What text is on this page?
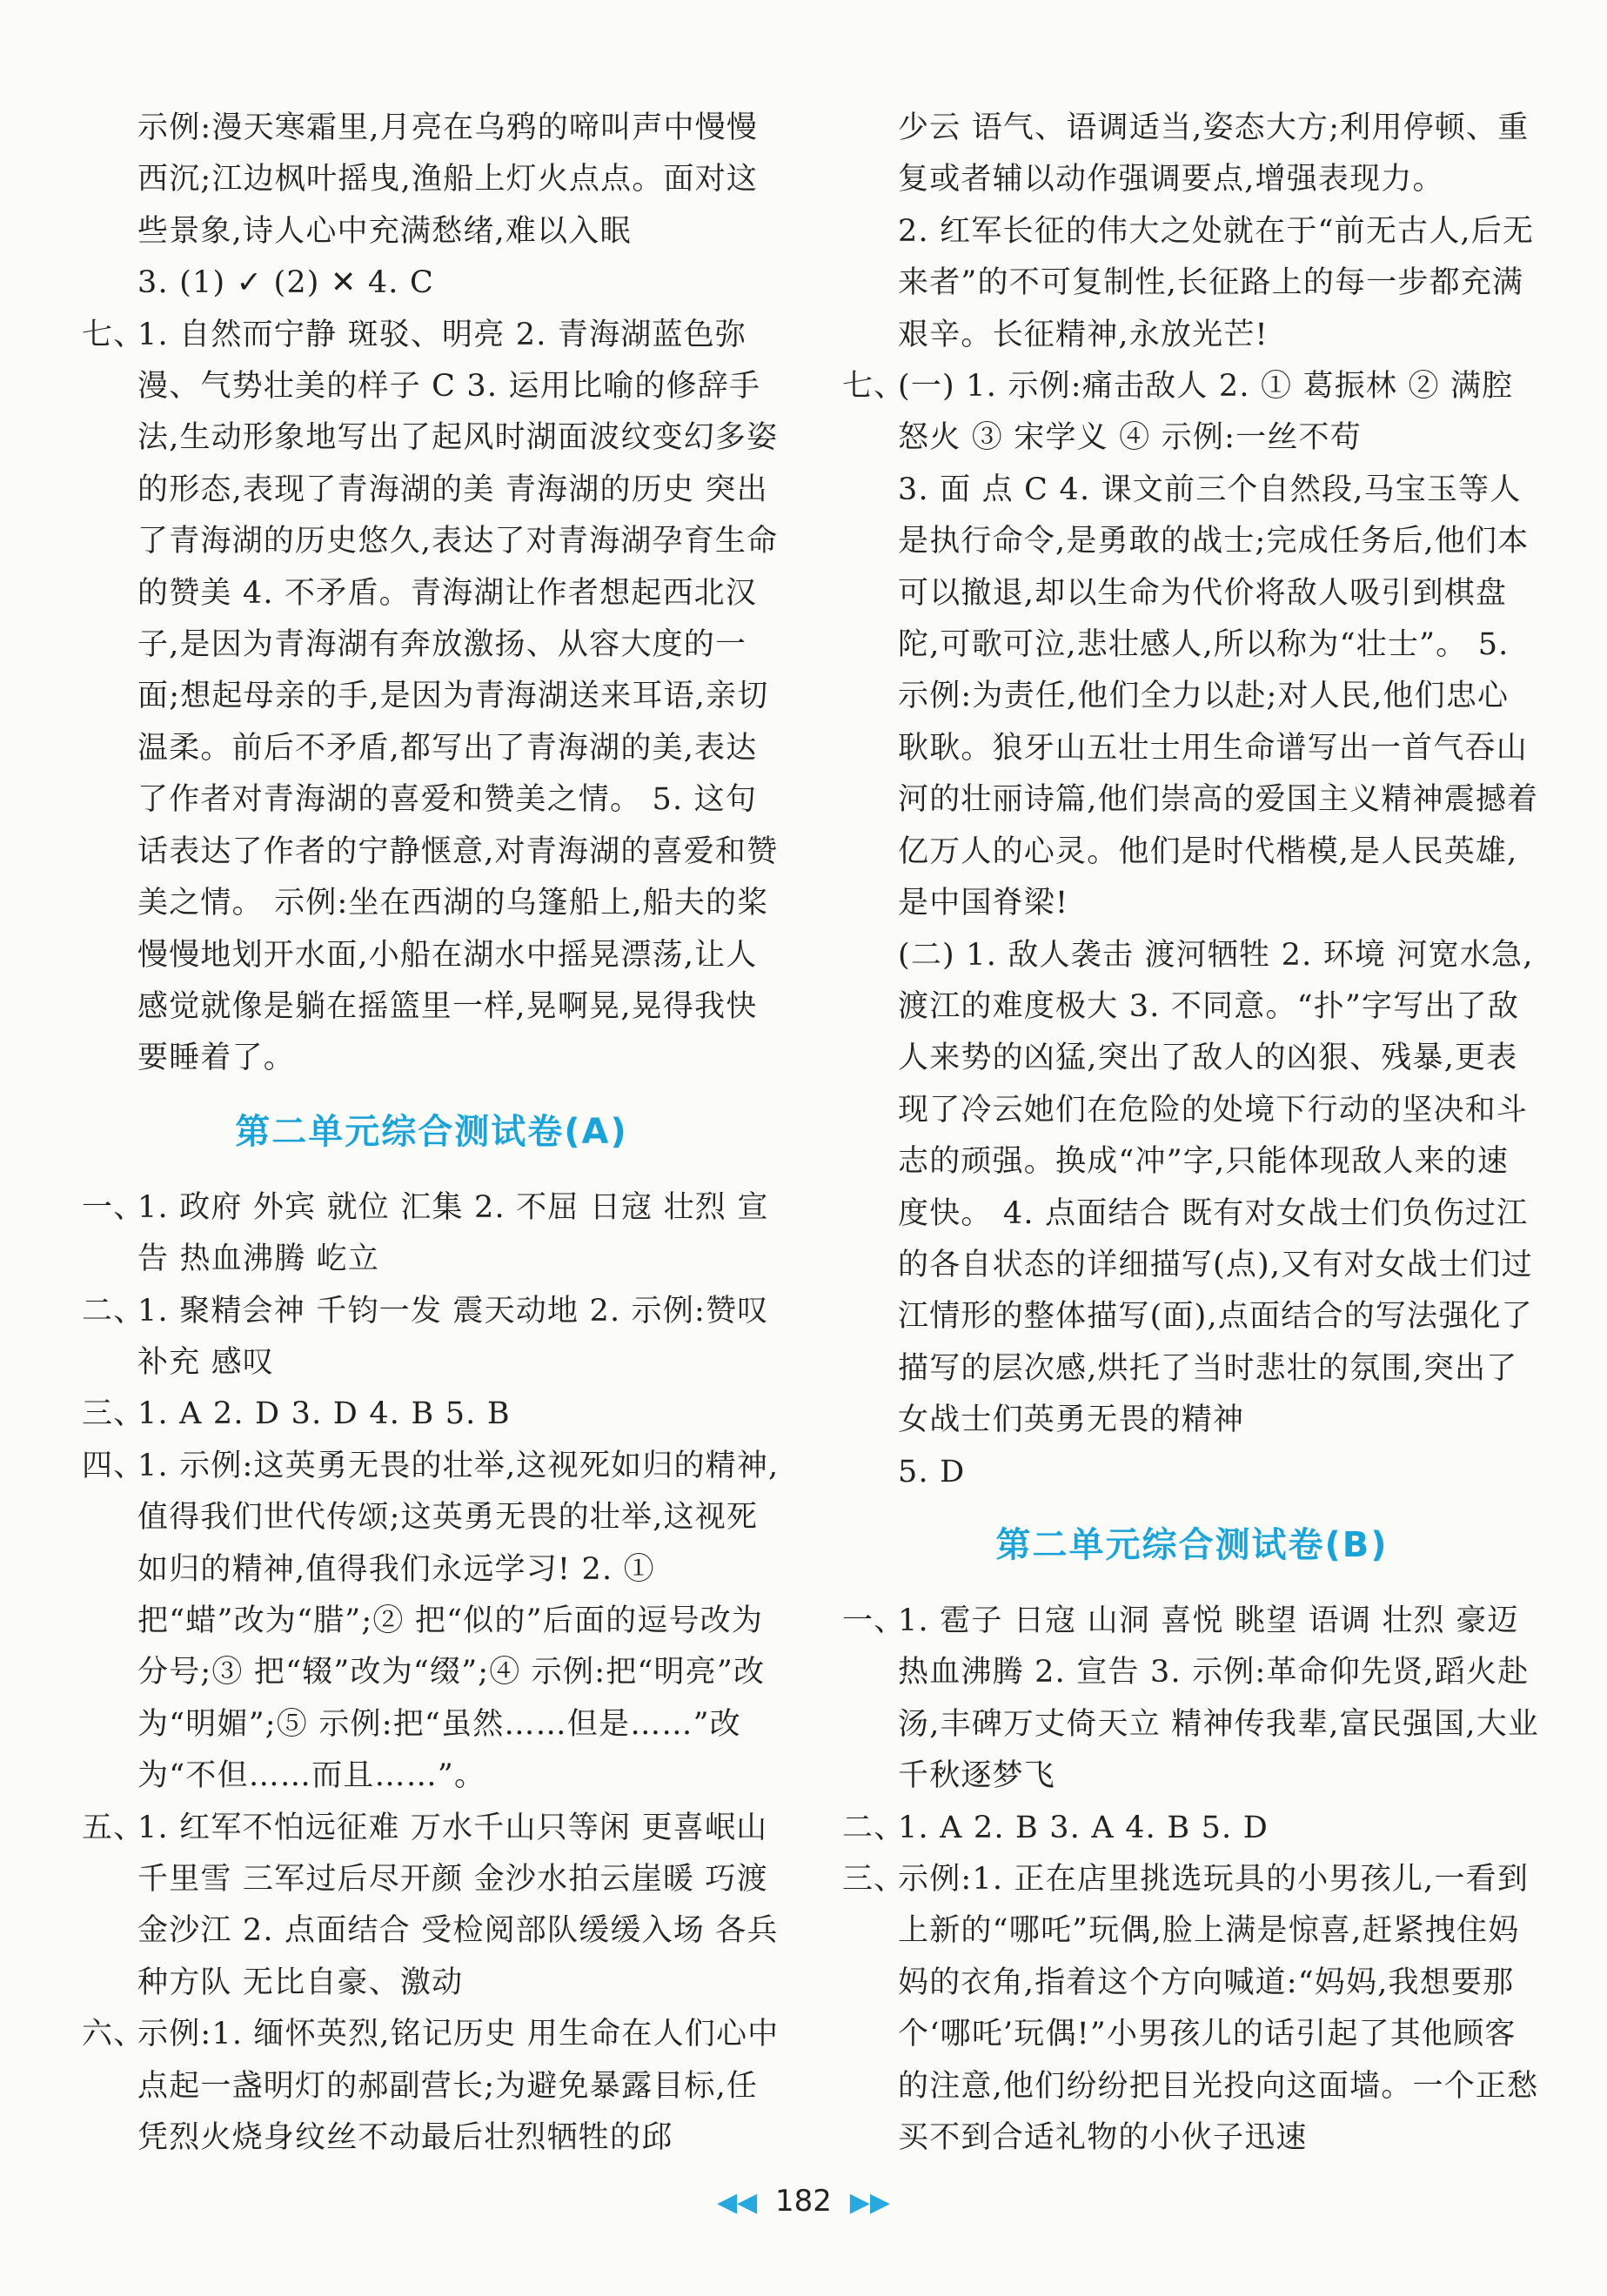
示例:漫天寒霜里,月亮在乌鸦的啼叫声中慢慢西沉;江边枫叶摇曳,渔船上灯火点点。面对这些景象,诗人心中充满愁绪,难以入眠

3. (1) ✓ (2) ✕ 4. C

七、
1. 自然而宁静 斑驳、明亮 2. 青海湖蓝色弥漫、气势壮美的样子 C 3. 运用比喻的修辞手法,生动形象地写出了起风时湖面波纹变幻多姿的形态,表现了青海湖的美 青海湖的历史 突出了青海湖的历史悠久,表达了对青海湖孕育生命的赞美 4. 不矛盾。青海湖让作者想起西北汉子,是因为青海湖有奔放激扬、从容大度的一面;想起母亲的手,是因为青海湖送来耳语,亲切温柔。前后不矛盾,都写出了青海湖的美,表达了作者对青海湖的喜爱和赞美之情。 5. 这句话表达了作者的宁静惬意,对青海湖的喜爱和赞美之情。 示例:坐在西湖的乌篷船上,船夫的桨慢慢地划开水面,小船在湖水中摇晃漂荡,让人感觉就像是躺在摇篮里一样,晃啊晃,晃得我快要睡着了。

第二单元综合测试卷(A)

一、
1. 政府 外宾 就位 汇集 2. 不屈 日寇 壮烈 宣告 热血沸腾 屹立

二、
1. 聚精会神 千钧一发 震天动地 2. 示例:赞叹 补充 感叹

三、
1. A 2. D 3. D 4. B 5. B

四、
1. 示例:这英勇无畏的壮举,这视死如归的精神,值得我们世代传颂;这英勇无畏的壮举,这视死如归的精神,值得我们永远学习! 2. ① 把“蜡”改为“腊”;② 把“似的”后面的逗号改为分号;③ 把“辍”改为“缀”;④ 示例:把“明亮”改为“明媚”;⑤ 示例:把“虽然……但是……”改为“不但……而且……”。

五、
1. 红军不怕远征难 万水千山只等闲 更喜岷山千里雪 三军过后尽开颜 金沙水拍云崖暖 巧渡金沙江 2. 点面结合 受检阅部队缓缓入场 各兵种方队 无比自豪、激动

六、
示例:1. 缅怀英烈,铭记历史 用生命在人们心中点起一盏明灯的郝副营长;为避免暴露目标,任凭烈火烧身纹丝不动最后壮烈牺牲的邱

少云 语气、语调适当,姿态大方;利用停顿、重复或者辅以动作强调要点,增强表现力。

2. 红军长征的伟大之处就在于“前无古人,后无来者”的不可复制性,长征路上的每一步都充满艰辛。长征精神,永放光芒!

七、
(一) 1. 示例:痛击敌人 2. ① 葛振林 ② 满腔怒火 ③ 宋学义 ④ 示例:一丝不苟

3. 面 点 C 4. 课文前三个自然段,马宝玉等人是执行命令,是勇敢的战士;完成任务后,他们本可以撤退,却以生命为代价将敌人吸引到棋盘陀,可歌可泣,悲壮感人,所以称为“壮士”。 5. 示例:为责任,他们全力以赴;对人民,他们忠心耿耿。狼牙山五壮士用生命谱写出一首气吞山河的壮丽诗篇,他们崇高的爱国主义精神震撼着亿万人的心灵。他们是时代楷模,是人民英雄,是中国脊梁!

(二) 1. 敌人袭击 渡河牺牲 2. 环境 河宽水急,渡江的难度极大 3. 不同意。“扑”字写出了敌人来势的凶猛,突出了敌人的凶狠、残暴,更表现了冷云她们在危险的处境下行动的坚决和斗志的顽强。换成“冲”字,只能体现敌人来的速度快。 4. 点面结合 既有对女战士们负伤过江的各自状态的详细描写(点),又有对女战士们过江情形的整体描写(面),点面结合的写法强化了描写的层次感,烘托了当时悲壮的氛围,突出了女战士们英勇无畏的精神

5. D

第二单元综合测试卷(B)

一、
1. 雹子 日寇 山洞 喜悦 眺望 语调 壮烈 豪迈 热血沸腾 2. 宣告 3. 示例:革命仰先贤,蹈火赴汤,丰碑万丈倚天立 精神传我辈,富民强国,大业千秋逐梦飞

二、
1. A 2. B 3. A 4. B 5. D

三、
示例:1. 正在店里挑选玩具的小男孩儿,一看到上新的“哪吒”玩偶,脸上满是惊喜,赶紧拽住妈妈的衣角,指着这个方向喊道:“妈妈,我想要那个‘哪吒’玩偶!”小男孩儿的话引起了其他顾客的注意,他们纷纷把目光投向这面墙。一个正愁买不到合适礼物的小伙子迅速

◀◀ 182 ▶▶
